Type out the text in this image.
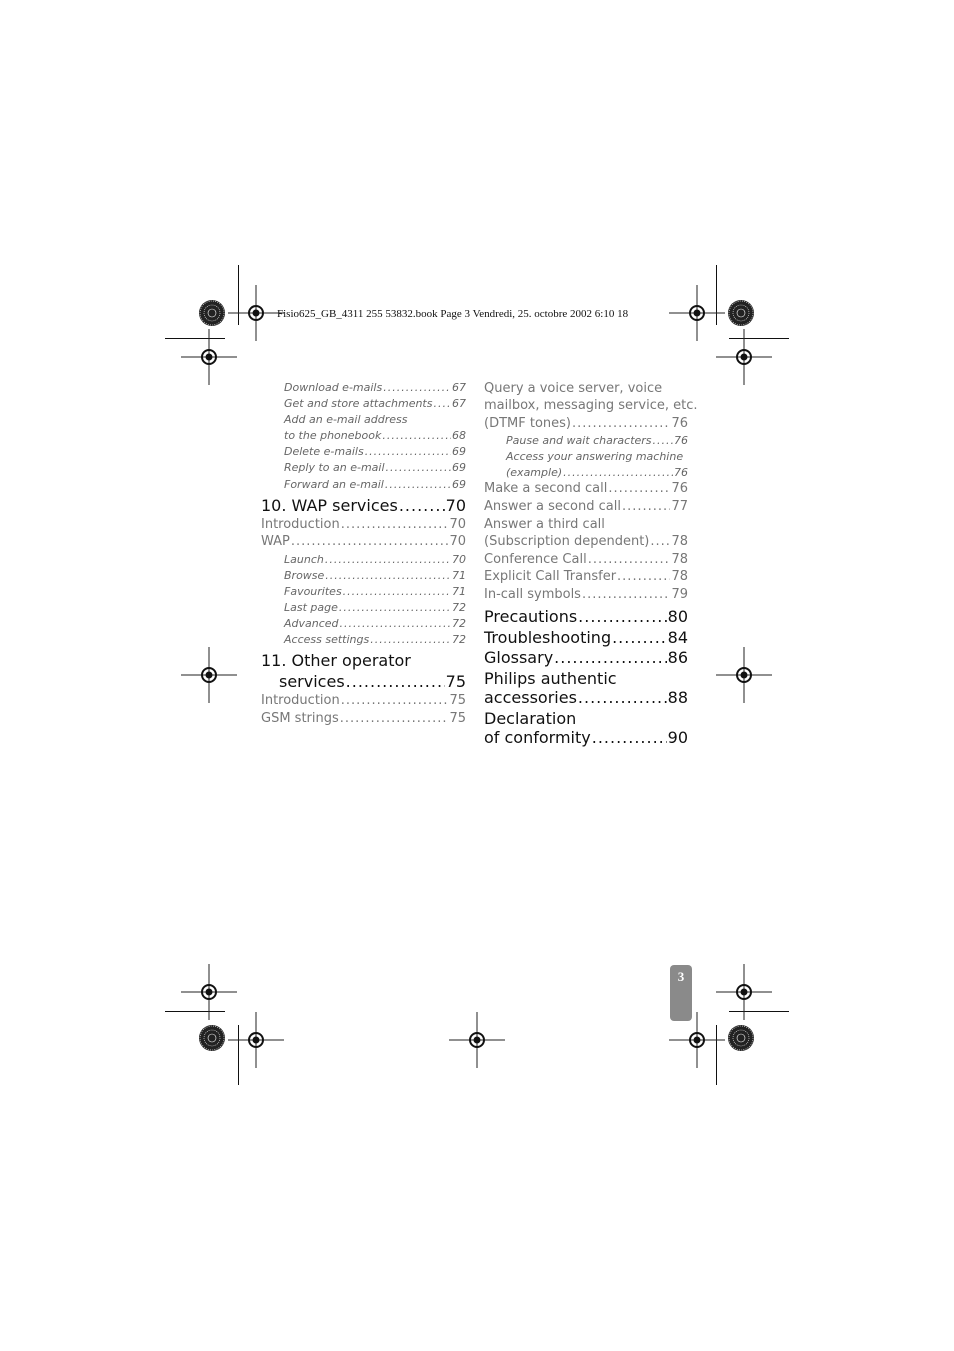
Fisio625_GB_4311 255 53832.book Page 3 Vendredi, 25. octobre 2002 6:10 18
Download e-mails .....	67
Get and store attachments ..... 67
Add an e-mail address
to the phonebook .....	68
Delete e-mails .....	69
Reply to an e-mail .....	69
Forward an e-mail .....	69
10. WAP services .....	70
Introduction .....	70
WAP .....	70
Launch .....	70
Browse .....	71
Favourites .....	71
Last page .....	72
Advanced .....	72
Access settings .....	72
11. Other operator
services .....	75
Introduction .....	75
GSM strings .....	75
Query a voice server, voice
mailbox, messaging service, etc.
(DTMF tones) .....	76
Pause and wait characters ..... 76
Access your answering machine
(example) .....	76
Make a second call .....	76
Answer a second call .....	77
Answer a third call
(Subscription dependent) ..... 78
Conference Call .....	78
Explicit Call Transfer .....	78
In-call symbols .....	79
Precautions .....	80
Troubleshooting .....	84
Glossary .....	86
Philips authentic
accessories .....	88
Declaration
of conformity .....	90
3
